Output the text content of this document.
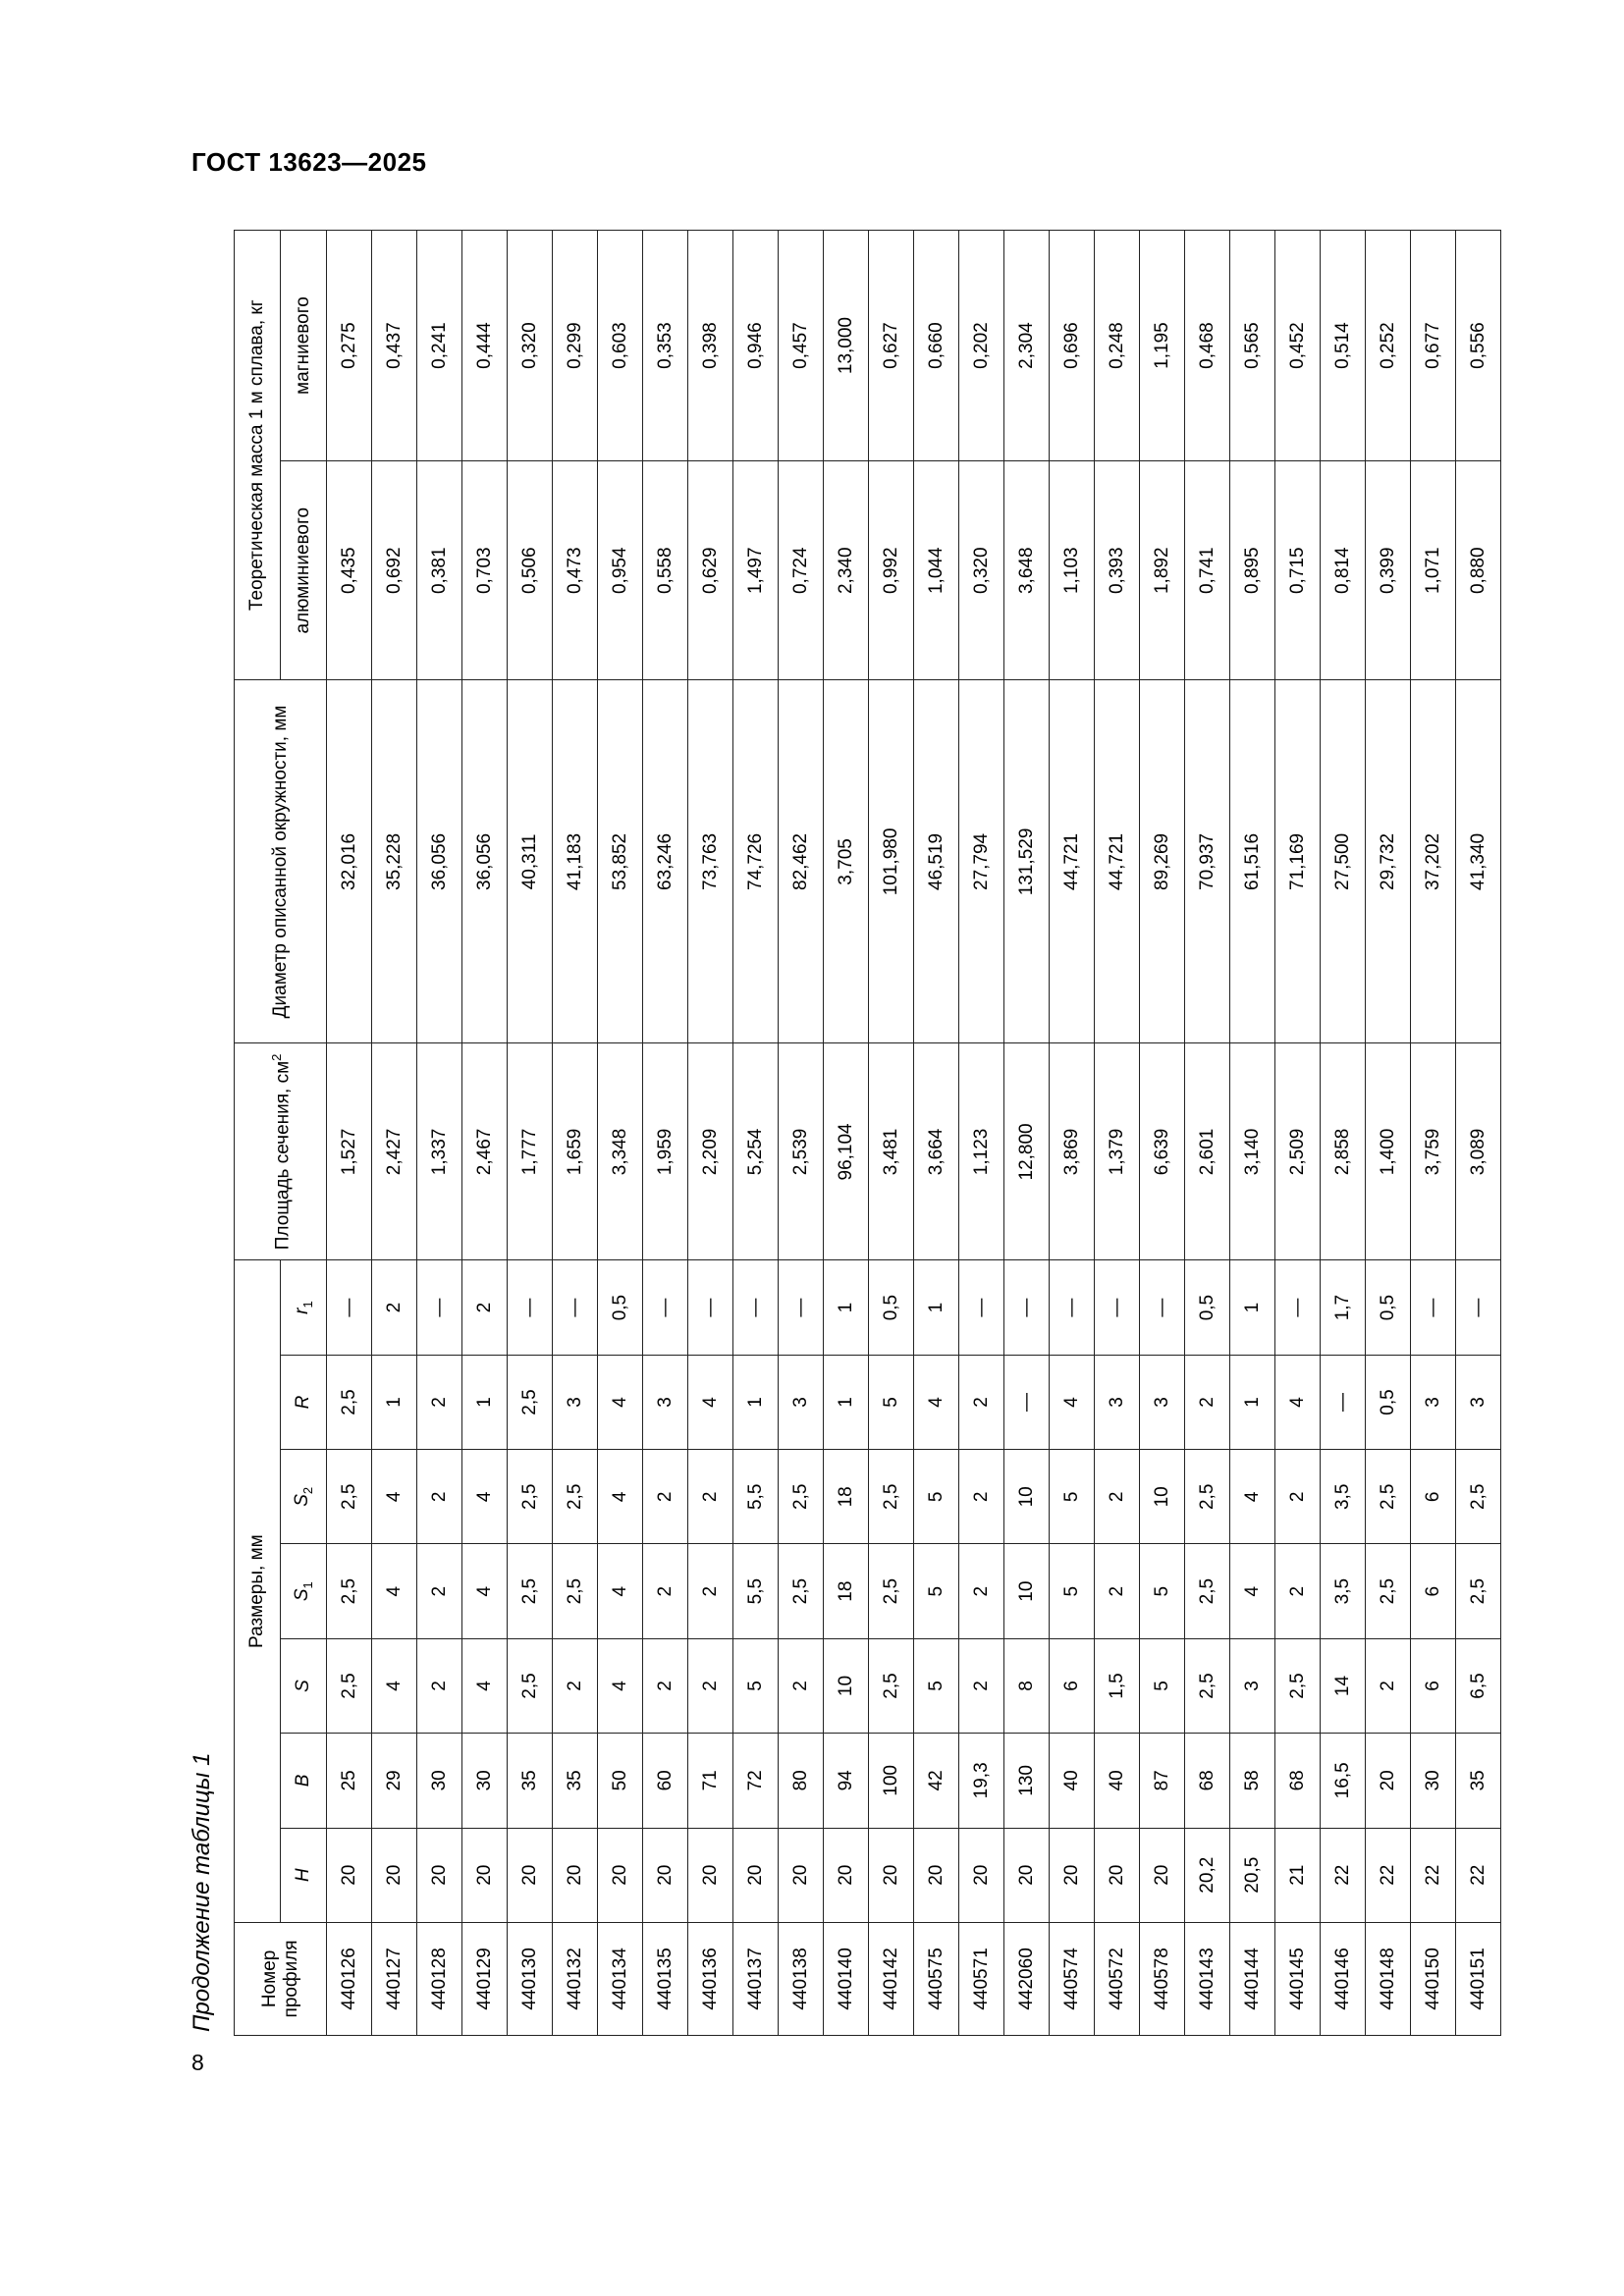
ГОСТ 13623—2025
Продолжение таблицы 1 Номер профиля	Размеры, мм							Площадь сечения, $см^2$	Диаметр описанной окружности, мм	Теоретическая масса 1 м сплава, кг	
	H	B	S	$S_1$	$S_2$	R	$r_1$			алюминиевого	магниевого
440126	20	25	2,5	2,5	2,5	2,5	—	1,527	32,016	0,435	0,275
440127	20	29	4	4	4	1	2	2,427	35,228	0,692	0,437
440128	20	30	2	2	2	2	—	1,337	36,056	0,381	0,241
440129	20	30	4	4	4	1	2	2,467	36,056	0,703	0,444
440130	20	35	2,5	2,5	2,5	2,5	—	1,777	40,311	0,506	0,320
440132	20	35	2	2,5	2,5	3	—	1,659	41,183	0,473	0,299
440134	20	50	4	4	4	4	0,5	3,348	53,852	0,954	0,603
440135	20	60	2	2	2	3	—	1,959	63,246	0,558	0,353
440136	20	71	2	2	2	4	—	2,209	73,763	0,629	0,398
440137	20	72	5	5,5	5,5	1	—	5,254	74,726	1,497	0,946
440138	20	80	2	2,5	2,5	3	—	2,539	82,462	0,724	0,457
440140	20	94	10	18	18	1	1	96,104	3,705	2,340	13,000
440142	20	100	2,5	2,5	2,5	5	0,5	3,481	101,980	0,992	0,627
440575	20	42	5	5	5	4	1	3,664	46,519	1,044	0,660
440571	20	19,3	2	2	2	2	—	1,123	27,794	0,320	0,202
442060	20	130	8	10	10	—	—	12,800	131,529	3,648	2,304
440574	20	40	6	5	5	4	—	3,869	44,721	1,103	0,696
440572	20	40	1,5	2	2	3	—	1,379	44,721	0,393	0,248
440578	20	87	5	5	10	3	—	6,639	89,269	1,892	1,195
440143	20,2	68	2,5	2,5	2,5	2	0,5	2,601	70,937	0,741	0,468
440144	20,5	58	3	4	4	1	1	3,140	61,516	0,895	0,565
440145	21	68	2,5	2	2	4	—	2,509	71,169	0,715	0,452
440146	22	16,5	14	3,5	3,5	—	1,7	2,858	27,500	0,814	0,514
440148	22	20	2	2,5	2,5	0,5	0,5	1,400	29,732	0,399	0,252
440150	22	30	6	6	6	3	—	3,759	37,202	1,071	0,677
440151	22	35	6,5	2,5	2,5	3	—	3,089	41,340	0,880	0,556
8
